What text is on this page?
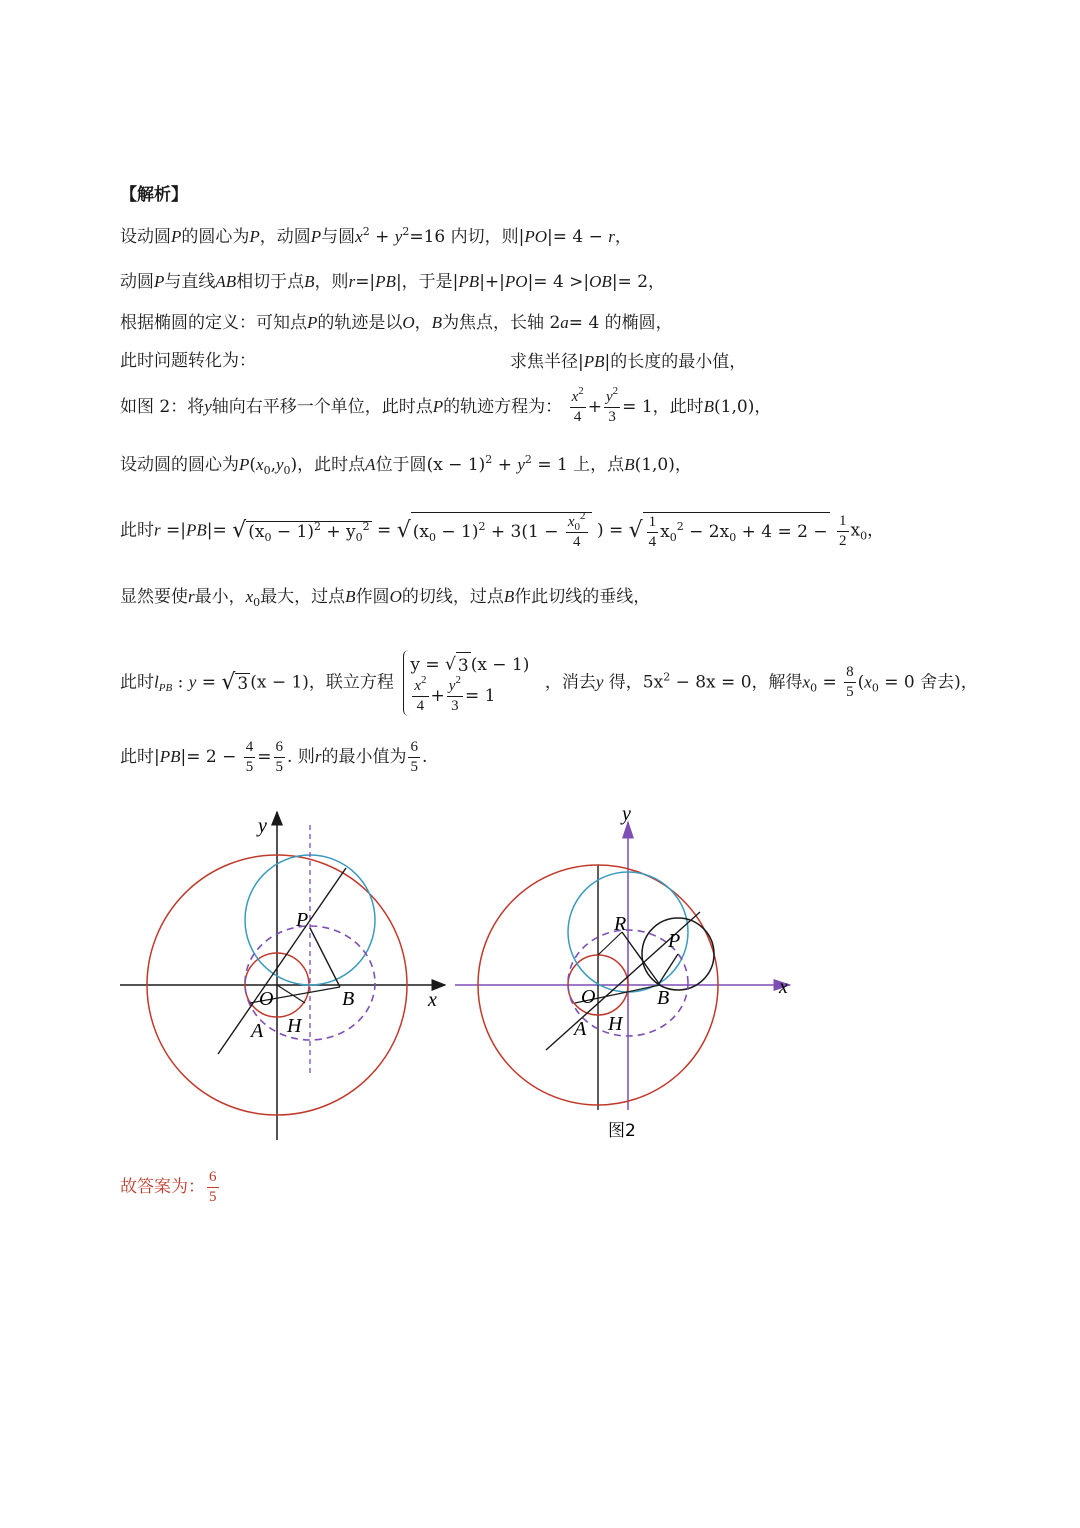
【解析】
设动圆P的圆心为P，动圆P与圆$x^2 + y^2=16$ 内切，则|PO|= 4 − r，
动圆P与直线AB相切于点B，则r=|PB|，于是|PB|+|PO|= 4 >|OB|= 2，
根据椭圆的定义：可知点P的轨迹是以O，B为焦点，长轴 2a= 4 的椭圆，
此时问题转化为：	求焦半径|PB|的长度的最小值，
如图 2：将y轴向右平移一个单位，此时点P的轨迹方程为： $\frac{x^2}{4} + \frac{y^2}{3} = 1$，此时B(1,0)，
设动圆的圆心为$P(x_0,y_0)$，此时点A位于圆$(x - 1)^2 + y^2 = 1$ 上，点B(1,0)，
此时r =|PB|= √ $(x_0 - 1)^2 + y_0^2$ = √ $(x_0 - 1)^2 + 3(1 - \frac{x_0^2}{4}$ ) = √ $\frac{1}{4} x_0^2 - 2x_0 + 4 = 2 - \frac{1}{2} x_0$，
显然要使r最小，$x_0$最大，过点B作圆O的切线，过点B作此切线的垂线，
此时$l_{PB}$ : y = √ 3 (x − 1)，联立方程
y = √ 3 (x − 1)
$\frac{x^2}{4} + \frac{y^2}{3} = 1$
，消去y 得，$5x^2 - 8x = 0$，解得$x_0 = \frac{8}{5} (x_0 = 0$ 舍去)，
此时$|PB|= 2 - \frac{4}{5} = \frac{6}{5}$ . 则r的最小值为 $\frac{6}{5}$ .
y
x
P
O	B
A H
y
x
R
P
O	B
A H
图2
故答案为： $\frac{6}{5}$
